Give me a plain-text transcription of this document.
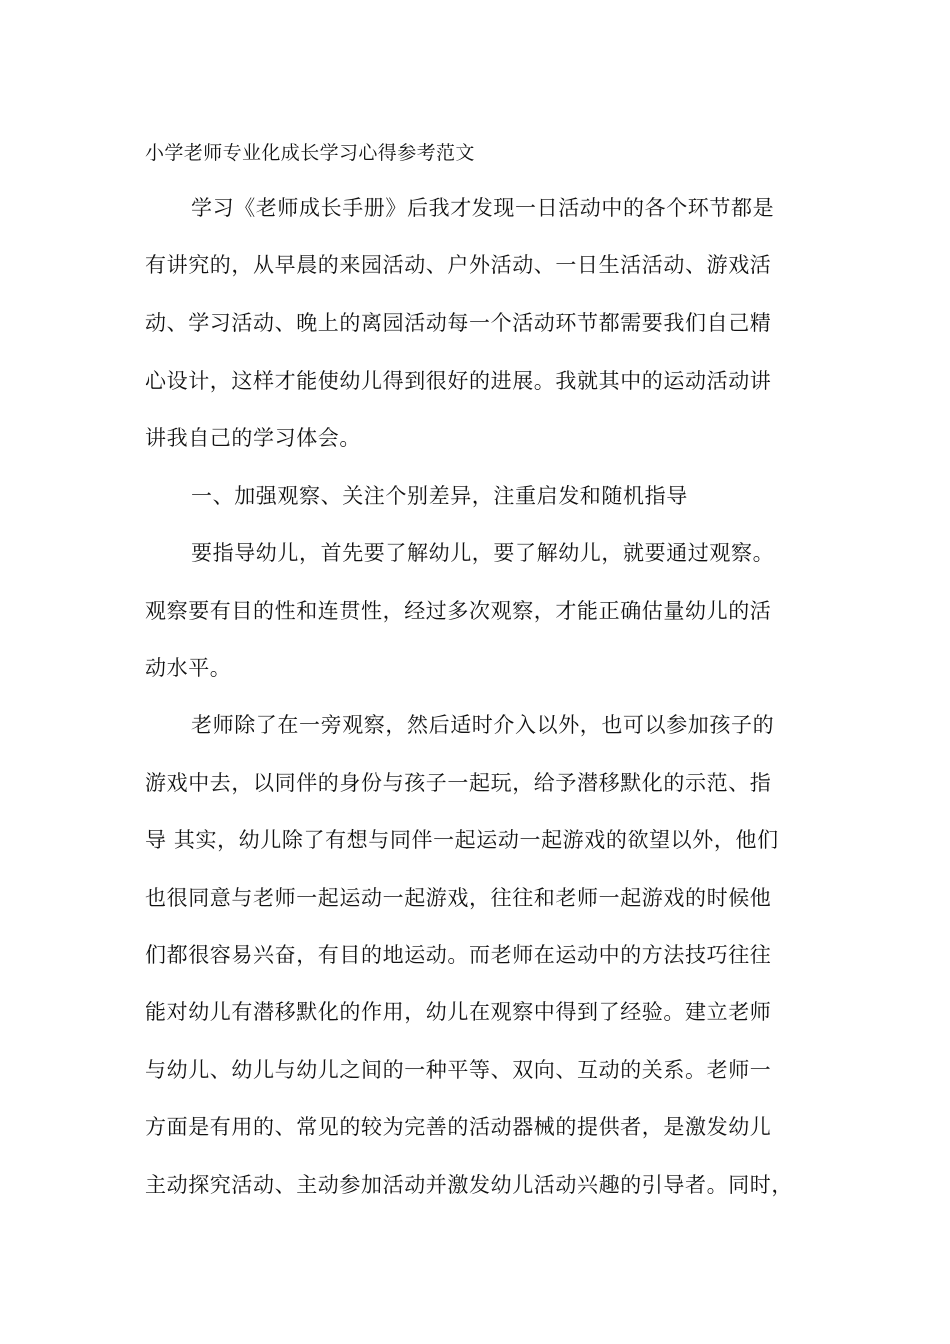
小学老师专业化成长学习心得参考范文
学习《老师成长手册》后我才发现一日活动中的各个环节都是
有讲究的，从早晨的来园活动、户外活动、一日生活活动、游戏活
动、学习活动、晚上的离园活动每一个活动环节都需要我们自己精
心设计，这样才能使幼儿得到很好的进展。我就其中的运动活动讲
讲我自己的学习体会。
一、加强观察、关注个别差异，注重启发和随机指导
要指导幼儿，首先要了解幼儿，要了解幼儿，就要通过观察。
观察要有目的性和连贯性，经过多次观察，才能正确估量幼儿的活
动水平。
老师除了在一旁观察，然后适时介入以外，也可以参加孩子的
游戏中去，以同伴的身份与孩子一起玩，给予潜移默化的示范、指
导 其实，幼儿除了有想与同伴一起运动一起游戏的欲望以外，他们
也很同意与老师一起运动一起游戏，往往和老师一起游戏的时候他
们都很容易兴奋，有目的地运动。而老师在运动中的方法技巧往往
能对幼儿有潜移默化的作用，幼儿在观察中得到了经验。建立老师
与幼儿、幼儿与幼儿之间的一种平等、双向、互动的关系。老师一
方面是有用的、常见的较为完善的活动器械的提供者，是激发幼儿
主动探究活动、主动参加活动并激发幼儿活动兴趣的引导者。同时，
